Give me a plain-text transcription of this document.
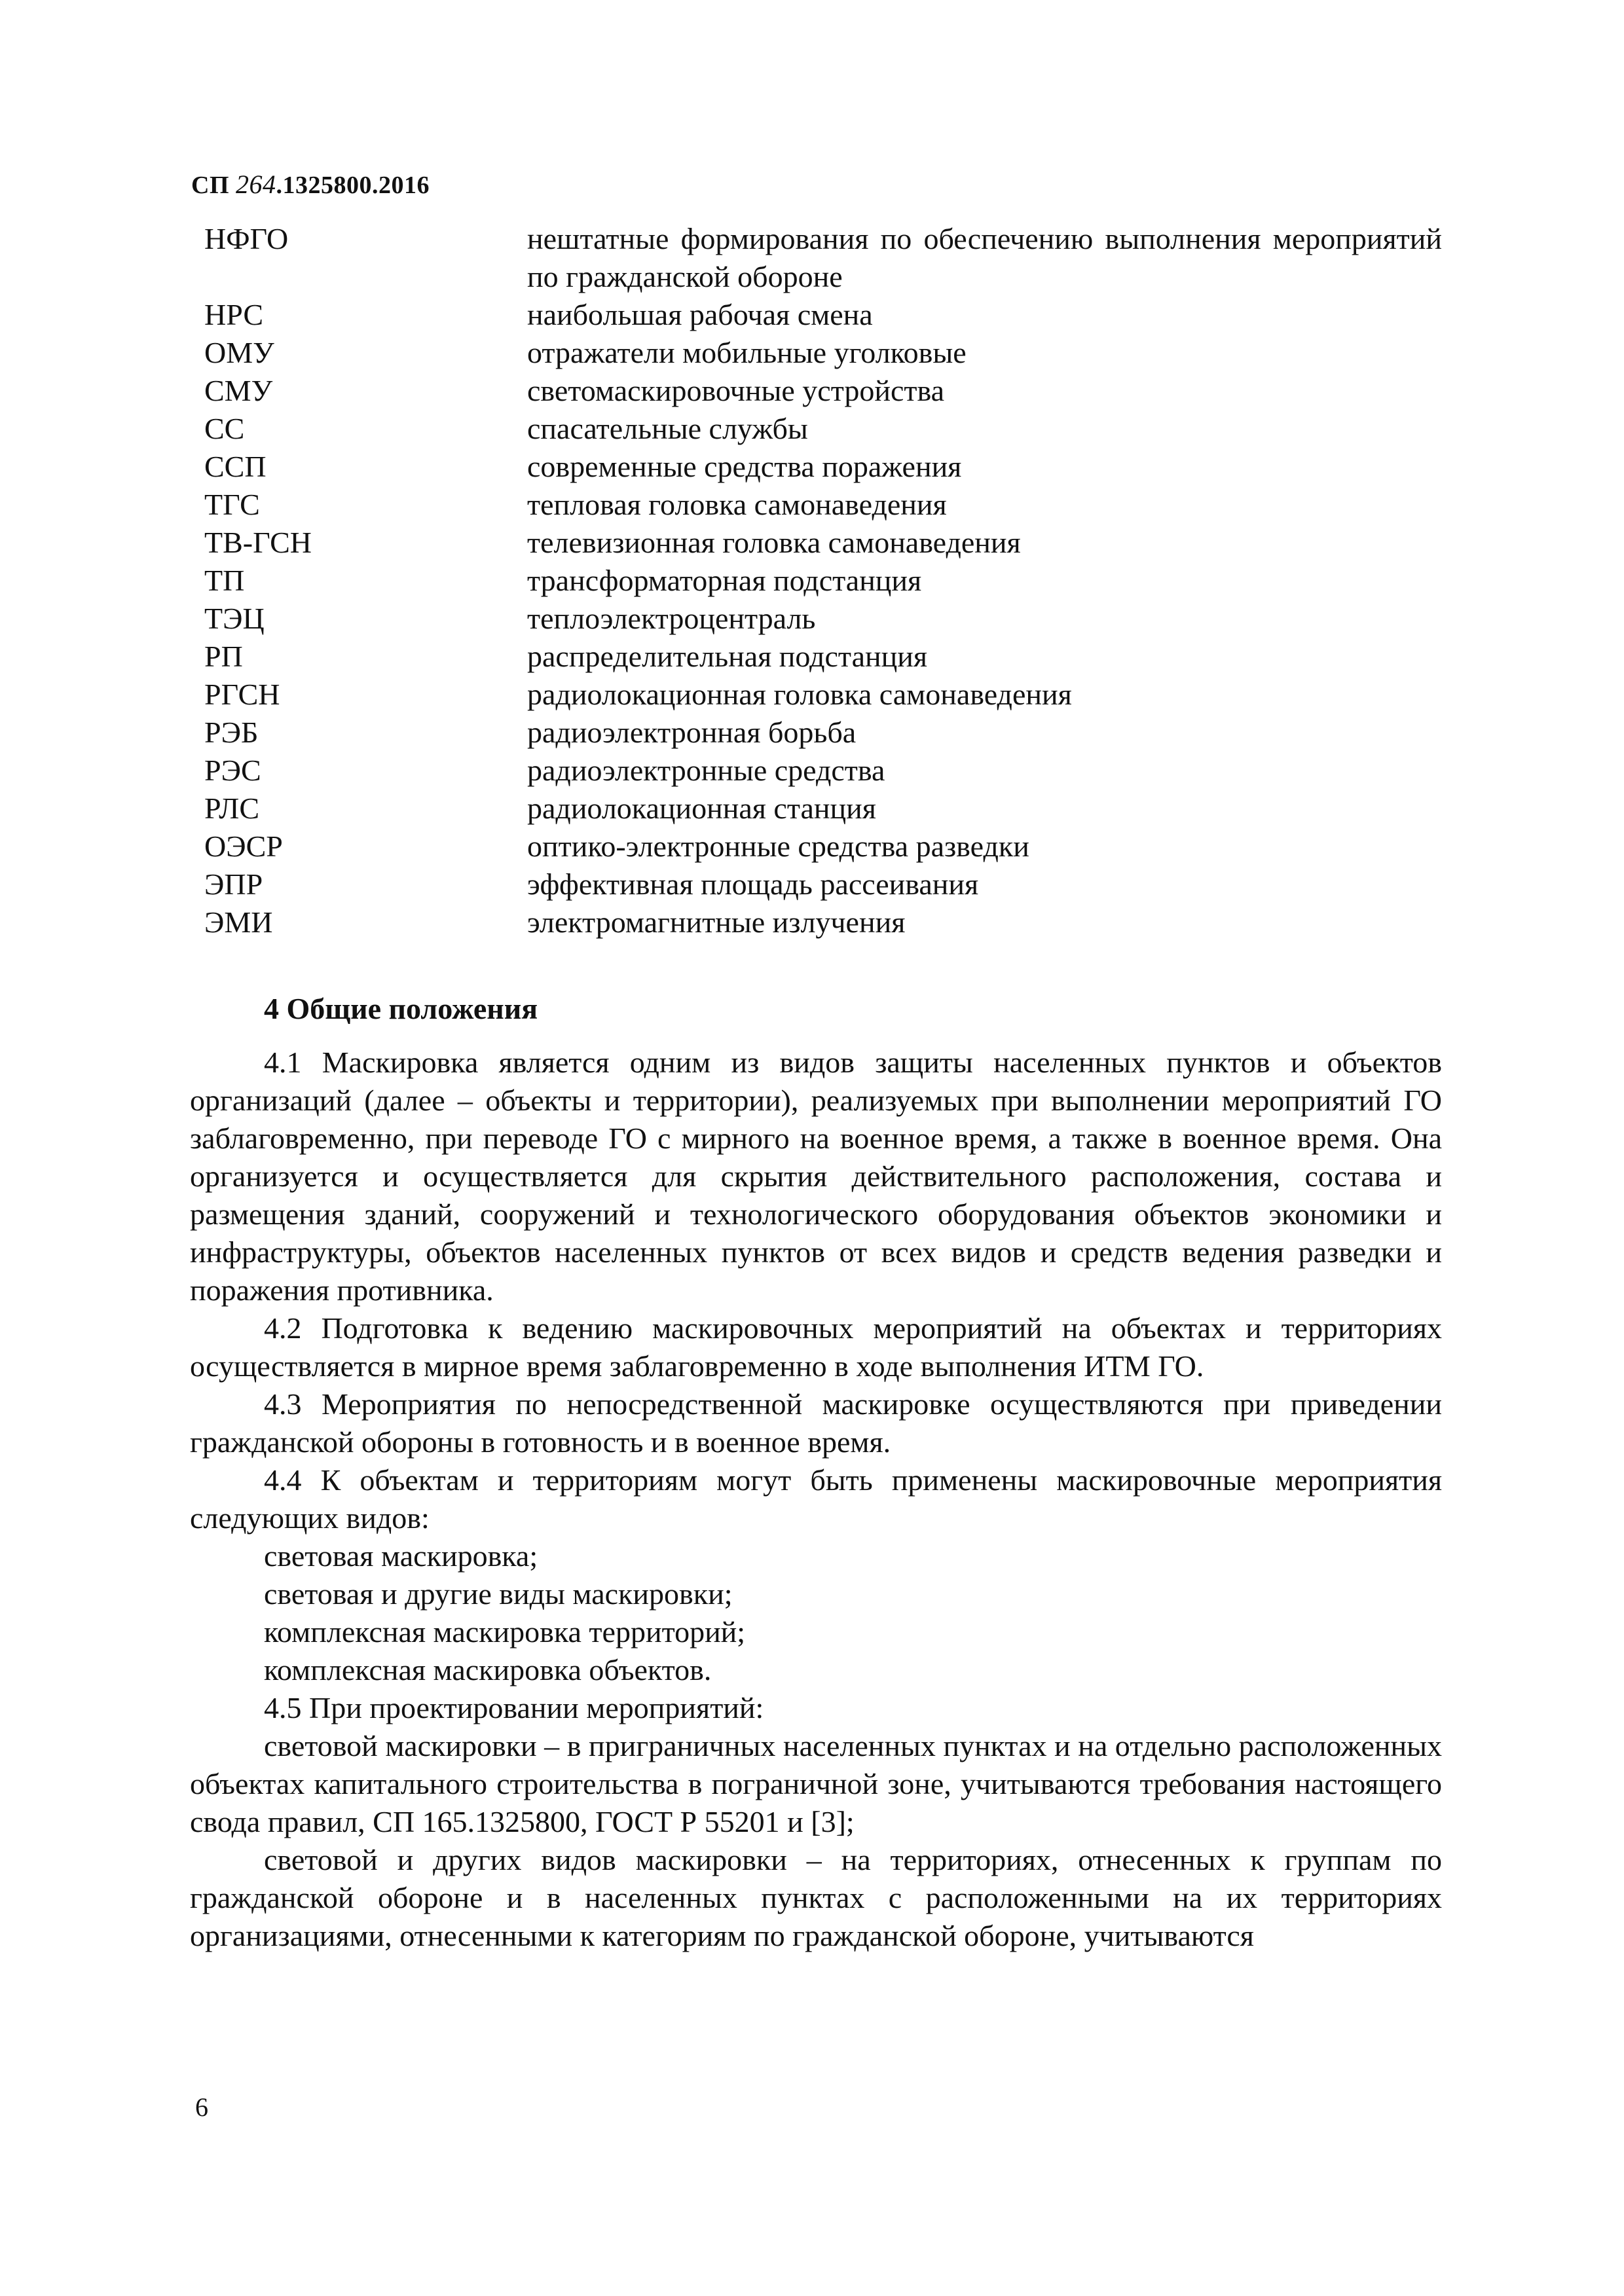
СП 264.1325800.2016
НФГО	нештатные формирования по обеспечению выполнения мероприятий по гражданской обороне
НРС	наибольшая рабочая смена
ОМУ	отражатели мобильные уголковые
СМУ	светомаскировочные устройства
СС	спасательные службы
ССП	современные средства поражения
ТГС	тепловая головка самонаведения
ТВ-ГСН	телевизионная головка самонаведения
ТП	трансформаторная подстанция
ТЭЦ	теплоэлектроцентраль
РП	распределительная подстанция
РГСН	радиолокационная головка самонаведения
РЭБ	радиоэлектронная борьба
РЭС	радиоэлектронные средства
РЛС	радиолокационная станция
ОЭСР	оптико-электронные средства разведки
ЭПР	эффективная площадь рассеивания
ЭМИ	электромагнитные излучения
4 Общие положения

4.1 Маскировка является одним из видов защиты населенных пунктов и объектов организаций (далее – объекты и территории), реализуемых при выполнении мероприятий ГО заблаговременно, при переводе ГО с мирного на военное время, а также в военное время. Она организуется и осуществляется для скрытия действительного расположения, состава и размещения зданий, сооружений и технологического оборудования объектов экономики и инфраструктуры, объектов населенных пунктов от всех видов и средств ведения разведки и поражения противника.

4.2 Подготовка к ведению маскировочных мероприятий на объектах и территориях осуществляется в мирное время заблаговременно в ходе выполнения ИТМ ГО.

4.3 Мероприятия по непосредственной маскировке осуществляются при приведении гражданской обороны в готовность и в военное время.

4.4 К объектам и территориям могут быть применены маскировочные мероприятия следующих видов:

световая маскировка;

световая и другие виды маскировки;

комплексная маскировка территорий;

комплексная маскировка объектов.

4.5 При проектировании мероприятий:

световой маскировки – в приграничных населенных пунктах и на отдельно расположенных объектах капитального строительства в пограничной зоне, учитываются требования настоящего свода правил, СП 165.1325800, ГОСТ Р 55201 и [3];

световой и других видов маскировки – на территориях, отнесенных к группам по гражданской обороне и в населенных пунктах с расположенными на их территориях организациями, отнесенными к категориям по гражданской обороне, учитываются

6
